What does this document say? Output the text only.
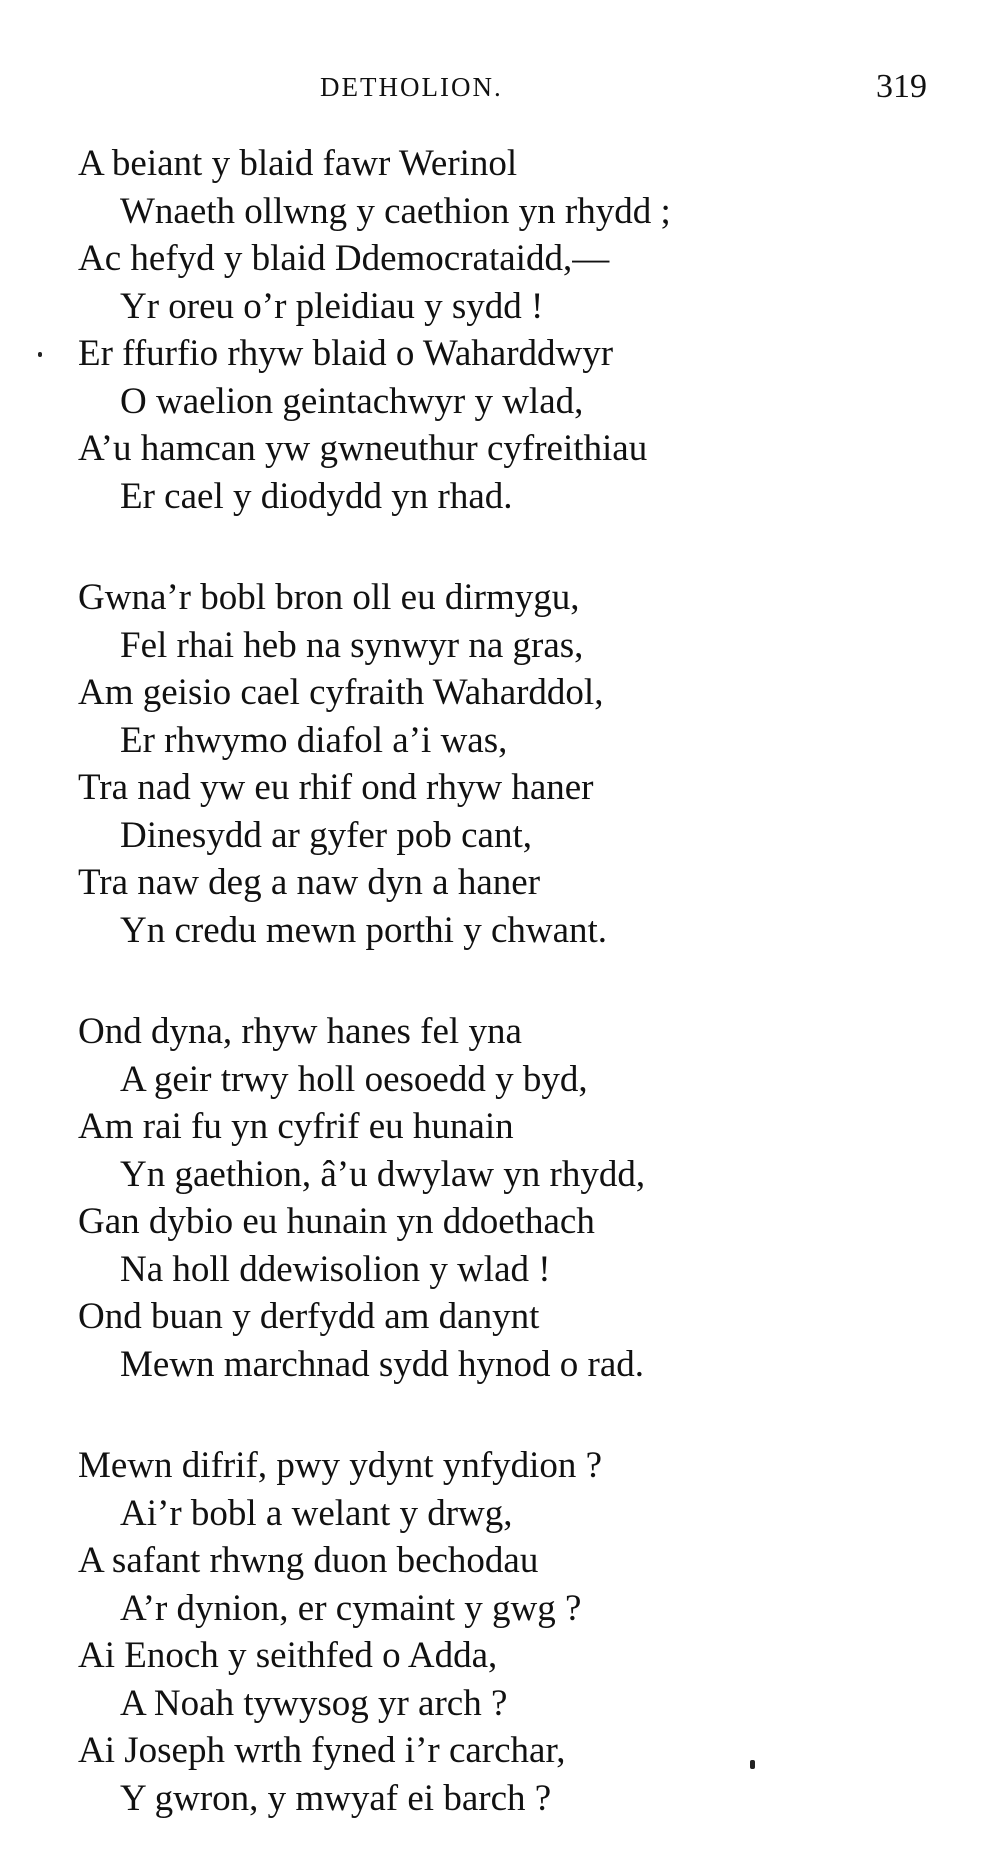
DETHOLION.	319
A beiant y blaid fawr Werinol
Wnaeth ollwng y caethion yn rhydd ;
Ac hefyd y blaid Ddemocrataidd,—
Yr oreu o’r pleidiau y sydd !
Er ffurfio rhyw blaid o Waharddwyr
O waelion geintachwyr y wlad,
A’u hamcan yw gwneuthur cyfreithiau
Er cael y diodydd yn rhad.
Gwna’r bobl bron oll eu dirmygu,
Fel rhai heb na synwyr na gras,
Am geisio cael cyfraith Waharddol,
Er rhwymo diafol a’i was,
Tra nad yw eu rhif ond rhyw haner
Dinesydd ar gyfer pob cant,
Tra naw deg a naw dyn a haner
Yn credu mewn porthi y chwant.
Ond dyna, rhyw hanes fel yna
A geir trwy holl oesoedd y byd,
Am rai fu yn cyfrif eu hunain
Yn gaethion, â’u dwylaw yn rhydd,
Gan dybio eu hunain yn ddoethach
Na holl ddewisolion y wlad !
Ond buan y derfydd am danynt
Mewn marchnad sydd hynod o rad.
Mewn difrif, pwy ydynt ynfydion ?
Ai’r bobl a welant y drwg,
A safant rhwng duon bechodau
A’r dynion, er cymaint y gwg ?
Ai Enoch y seithfed o Adda,
A Noah tywysog yr arch ?
Ai Joseph wrth fyned i’r carchar,
Y gwron, y mwyaf ei barch ?
